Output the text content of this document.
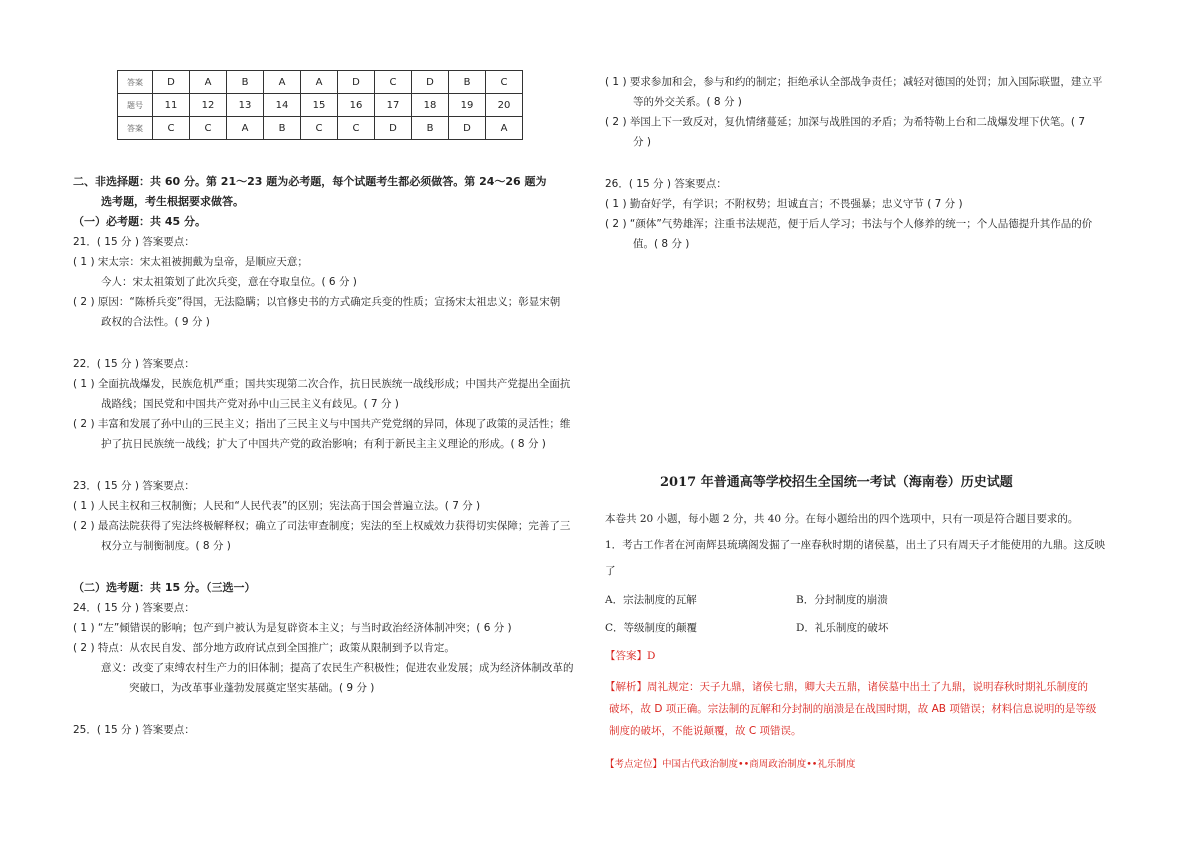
答案	D	A	B	A	A	D	C	D	B	C
题号	11	12	13	14	15	16	17	18	19	20
答案	C	C	A	B	C	C	D	B	D	A

二、非选择题：共 60 分。第 21～23 题为必考题，每个试题考生都必须做答。第 24～26 题为

选考题，考生根据要求做答。

（一）必考题：共 45 分。

21．( 15 分 ) 答案要点：

( 1 ) 宋太宗：宋太祖被拥戴为皇帝，是顺应天意；

今人：宋太祖策划了此次兵变，意在夺取皇位。( 6 分 )

( 2 ) 原因：“陈桥兵变”得国，无法隐瞒；以官修史书的方式确定兵变的性质；宣扬宋太祖忠义；彰显宋朝

政权的合法性。( 9 分 )

22．( 15 分 ) 答案要点：

( 1 ) 全面抗战爆发，民族危机严重；国共实现第二次合作，抗日民族统一战线形成；中国共产党提出全面抗

战路线；国民党和中国共产党对孙中山三民主义有歧见。( 7 分 )

( 2 ) 丰富和发展了孙中山的三民主义；指出了三民主义与中国共产党党纲的异同，体现了政策的灵活性；维

护了抗日民族统一战线；扩大了中国共产党的政治影响；有利于新民主主义理论的形成。( 8 分 )

23．( 15 分 ) 答案要点：

( 1 ) 人民主权和三权制衡；人民和“人民代表”的区别；宪法高于国会普遍立法。( 7 分 )

( 2 ) 最高法院获得了宪法终极解释权；确立了司法审查制度；宪法的至上权威效力获得切实保障；完善了三

权分立与制衡制度。( 8 分 )

（二）选考题：共 15 分。（三选一）

24．( 15 分 ) 答案要点：

( 1 ) “左”倾错误的影响；包产到户被认为是复辟资本主义；与当时政治经济体制冲突；( 6 分 )

( 2 ) 特点：从农民自发、部分地方政府试点到全国推广；政策从限制到予以肯定。

意义：改变了束缚农村生产力的旧体制；提高了农民生产积极性；促进农业发展；成为经济体制改革的

突破口，为改革事业蓬勃发展奠定坚实基础。( 9 分 )

25．( 15 分 ) 答案要点：

( 1 ) 要求参加和会，参与和约的制定；拒绝承认全部战争责任；减轻对德国的处罚；加入国际联盟，建立平

等的外交关系。( 8 分 )

( 2 ) 举国上下一致反对，复仇情绪蔓延；加深与战胜国的矛盾；为希特勒上台和二战爆发埋下伏笔。( 7

分 )

26．( 15 分 ) 答案要点：

( 1 ) 勤奋好学，有学识；不附权势；坦诚直言；不畏强暴；忠义守节 ( 7 分 )

( 2 ) “颜体”气势雄浑；注重书法规范，便于后人学习；书法与个人修养的统一；个人品德提升其作品的价

值。( 8 分 )

2017 年普通高等学校招生全国统一考试（海南卷）历史试题

本卷共 20 小题，每小题 2 分，共 40 分。在每小题给出的四个选项中，只有一项是符合题目要求的。

1．考古工作者在河南辉县琉璃阁发掘了一座春秋时期的诸侯墓，出土了只有周天子才能使用的九鼎。这反映

了

A．宗法制度的瓦解	B．分封制度的崩溃
C．等级制度的颠覆	D．礼乐制度的破坏
【答案】D

【解析】周礼规定：天子九鼎，诸侯七鼎，卿大夫五鼎，诸侯墓中出土了九鼎，说明春秋时期礼乐制度的

破坏，故 D 项正确。宗法制的瓦解和分封制的崩溃是在战国时期，故 AB 项错误；材料信息说明的是等级

制度的破坏，不能说颠覆，故 C 项错误。

【考点定位】中国古代政治制度••商周政治制度••礼乐制度
